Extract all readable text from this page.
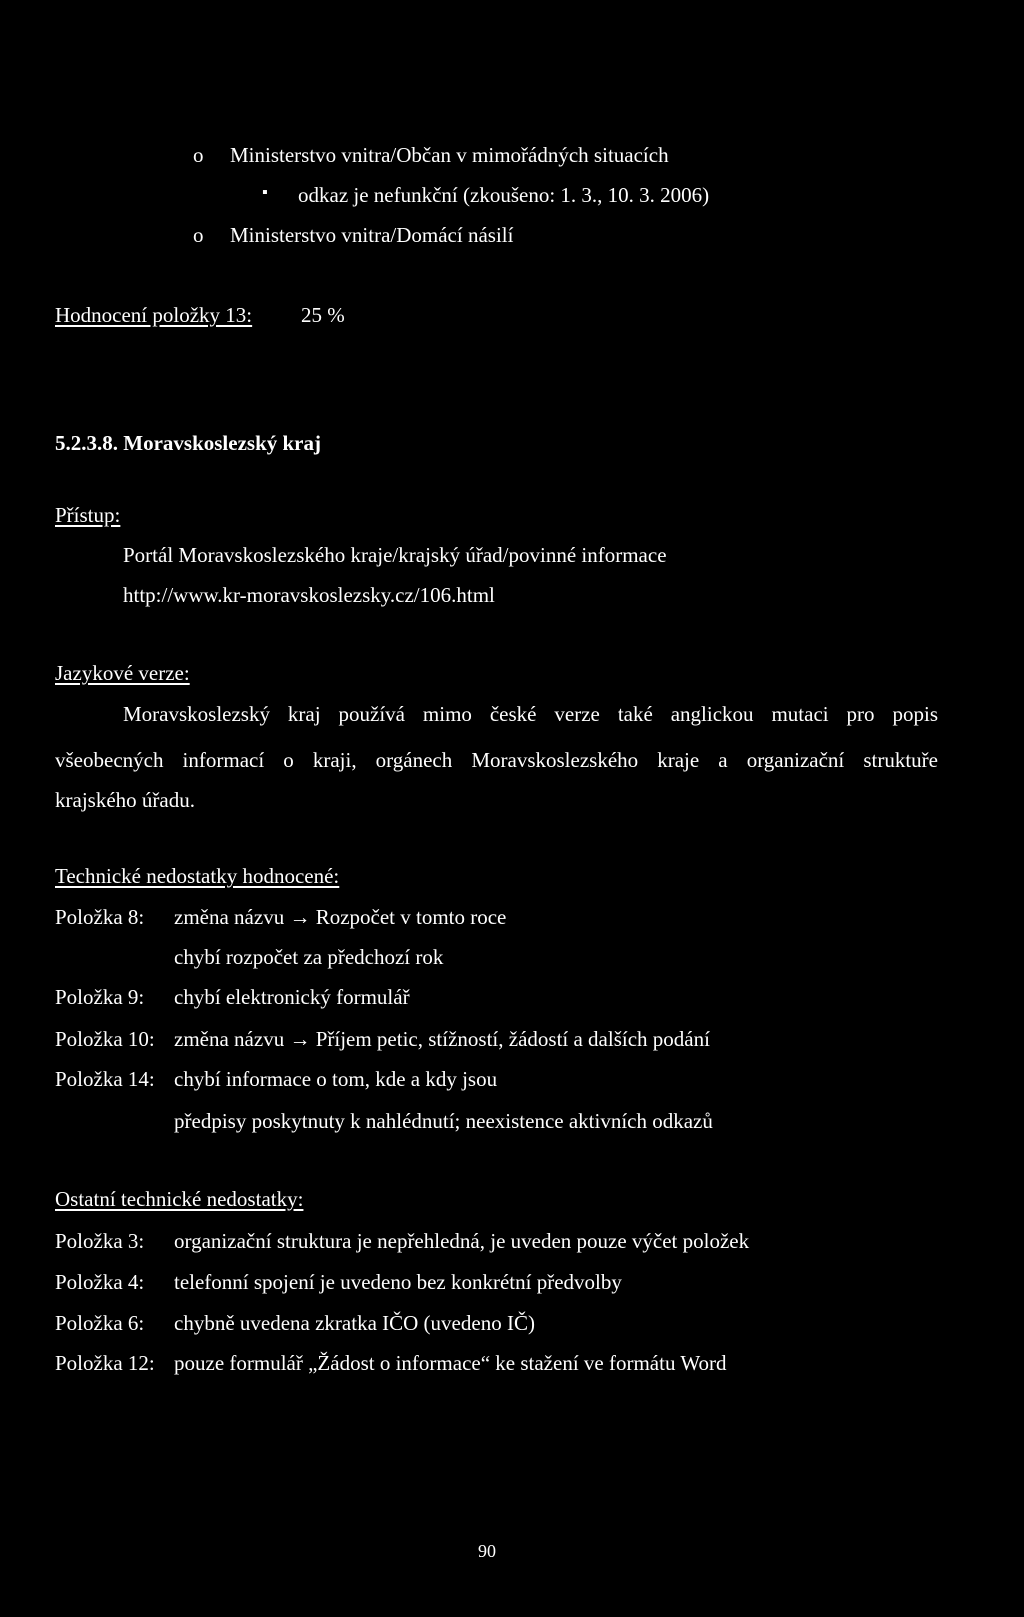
o Ministerstvo vnitra/Občan v mimořádných situacích
▪ odkaz je nefunkční (zkoušeno: 1. 3., 10. 3. 2006)
o Ministerstvo vnitra/Domácí násilí
Hodnocení položky 13: 25 %
5.2.3.8. Moravskoslezský kraj
Přístup:
Portál Moravskoslezského kraje/krajský úřad/povinné informace
http://www.kr-moravskoslezsky.cz/106.html
Jazykové verze:
Moravskoslezský kraj používá mimo české verze také anglickou mutaci pro popis
všeobecných informací o kraji, orgánech Moravskoslezského kraje a organizační struktuře
krajského úřadu.
Technické nedostatky hodnocené:
Položka 8: změna názvu → Rozpočet v tomto roce
chybí rozpočet za předchozí rok
Položka 9: chybí elektronický formulář
Položka 10: změna názvu → Příjem petic, stížností, žádostí a dalších podání
Položka 14: chybí informace o tom, kde a kdy jsou
předpisy poskytnuty k nahlédnutí; neexistence aktivních odkazů
Ostatní technické nedostatky:
Položka 3: organizační struktura je nepřehledná, je uveden pouze výčet položek
Položka 4: telefonní spojení je uvedeno bez konkrétní předvolby
Položka 6: chybně uvedena zkratka IČO (uvedeno IČ)
Položka 12: pouze formulář „Žádost o informace“ ke stažení ve formátu Word
90
